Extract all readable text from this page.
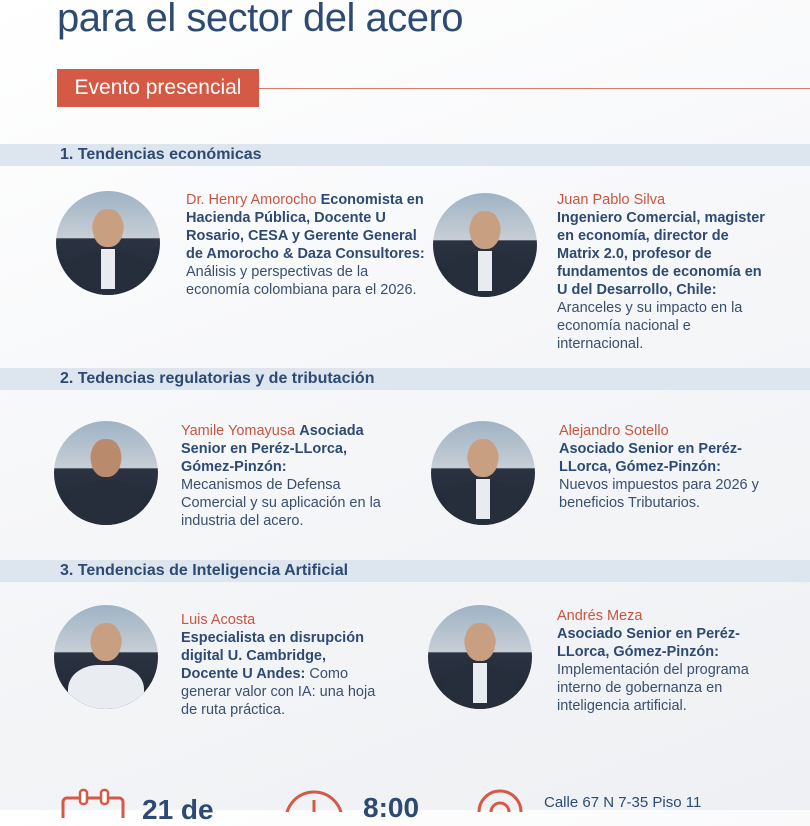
para el sector del acero
Evento presencial
1. Tendencias económicas
2. Tedencias regulatorias y de tributación
3. Tendencias de Inteligencia Artificial
Dr. Henry Amorocho Economista en Hacienda Pública, Docente U Rosario, CESA y Gerente General de Amorocho & Daza Consultores:
Análisis y perspectivas de la economía colombiana para el 2026.
Juan Pablo Silva
Ingeniero Comercial, magister en economía, director de Matrix 2.0, profesor de fundamentos de economía en U del Desarrollo, Chile: Aranceles y su impacto en la economía nacional e internacional.
Yamile Yomayusa Asociada Senior en Peréz-LLorca, Gómez-Pinzón:
Mecanismos de Defensa Comercial y su aplicación en la industria del acero.
Alejandro Sotello
Asociado Senior en Peréz-LLorca, Gómez-Pinzón:
Nuevos impuestos para 2026 y beneficios Tributarios.
Luis Acosta
Especialista en disrupción digital U. Cambridge, Docente U Andes: Como generar valor con IA: una hoja de ruta práctica.
Andrés Meza
Asociado Senior en Peréz-LLorca, Gómez-Pinzón:
Implementación del programa interno de gobernanza en inteligencia artificial.
21 de	8:00	Calle 67 N 7-35 Piso 11
